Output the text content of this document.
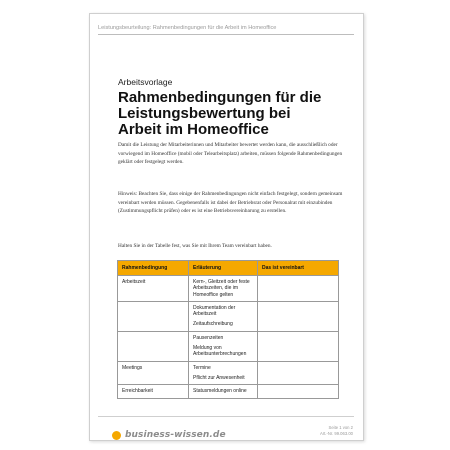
Leistungsbeurteilung: Rahmenbedingungen für die Arbeit im Homeoffice
Arbeitsvorlage
Rahmenbedingungen für die
Leistungsbewertung bei
Arbeit im Homeoffice
Damit die Leistung der Mitarbeiterinnen und Mitarbeiter bewertet werden kann, die ausschließlich oder vorwiegend im Homeoffice (mobil oder Telearbeitsplatz) arbeiten, müssen folgende Rahmenbedingungen geklärt oder festgelegt werden.
Hinweis: Beachten Sie, dass einige der Rahmenbedingungen nicht einfach festgelegt, sondern gemeinsam vereinbart werden müssen. Gegebenenfalls ist dabei der Betriebsrat oder Personalrat mit einzubinden (Zustimmungspflicht prüfen) oder es ist eine Betriebsvereinbarung zu erstellen.
Halten Sie in der Tabelle fest, was Sie mit Ihrem Team vereinbart haben.
Rahmenbedingung	Erläuterung	Das ist vereinbart
Arbeitszeit	Kern-, Gleitzeit oder feste Arbeitszeiten, die im Homeoffice gelten	

	Dokumentation der Arbeitszeit
Zeitaufschreibung	

	Pausenzeiten
Meldung von Arbeitsunterbrechungen	

Meetings	Termine
Pflicht zur Anwesenheit	

Erreichbarkeit	Statusmeldungen online	

business-wissen.de
Seite 1 von 2
Art.-Nr. 99.063.00
